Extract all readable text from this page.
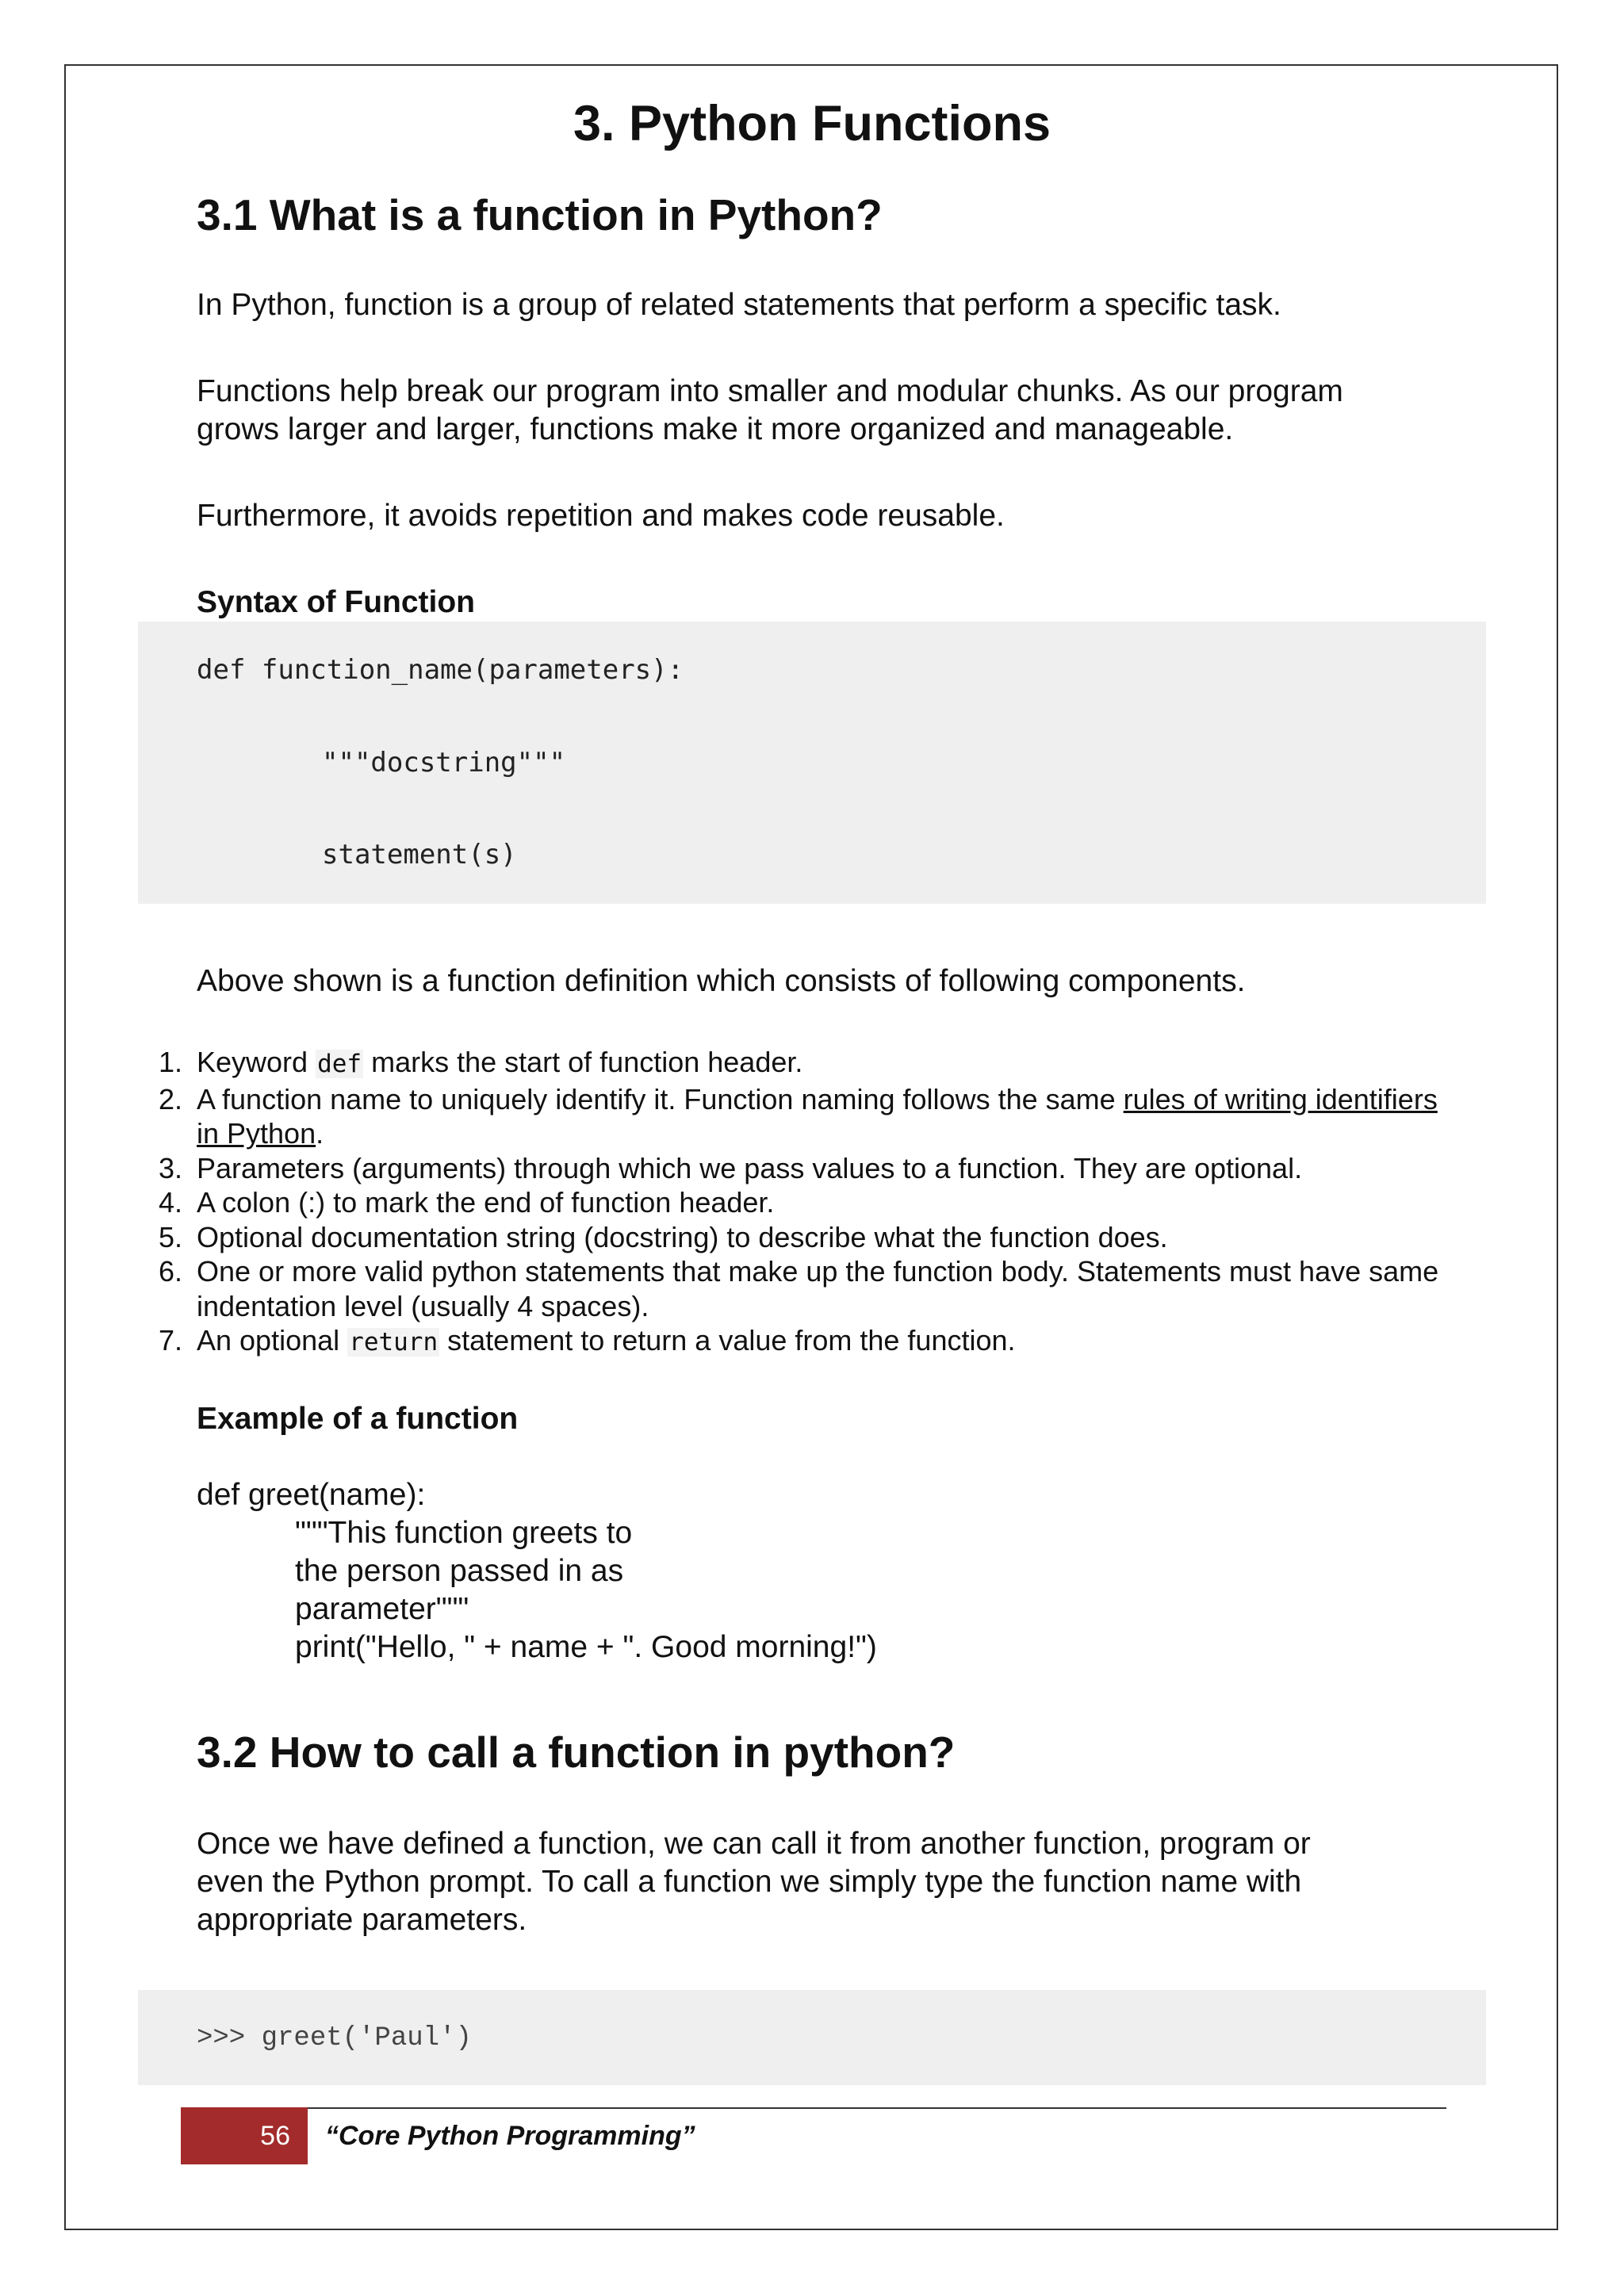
3. Python Functions
3.1 What is a function in Python?
In Python, function is a group of related statements that perform a specific task.
Functions help break our program into smaller and modular chunks. As our program
grows larger and larger, functions make it more organized and manageable.
Furthermore, it avoids repetition and makes code reusable.
Syntax of Function
def function_name(parameters):
"""docstring"""
statement(s)
Above shown is a function definition which consists of following components.
1. Keyword def marks the start of function header.
2. A function name to uniquely identify it. Function naming follows the same rules of writing identifiers in Python.
3. Parameters (arguments) through which we pass values to a function. They are optional.
4. A colon (:) to mark the end of function header.
5. Optional documentation string (docstring) to describe what the function does.
6. One or more valid python statements that make up the function body. Statements must have same indentation level (usually 4 spaces).
7. An optional return statement to return a value from the function.
Example of a function
def greet(name):
"""This function greets to
the person passed in as
parameter"""
print("Hello, " + name + ". Good morning!")
3.2 How to call a function in python?
Once we have defined a function, we can call it from another function, program or
even the Python prompt. To call a function we simply type the function name with
appropriate parameters.
>>> greet('Paul')
56	“Core Python Programming”
